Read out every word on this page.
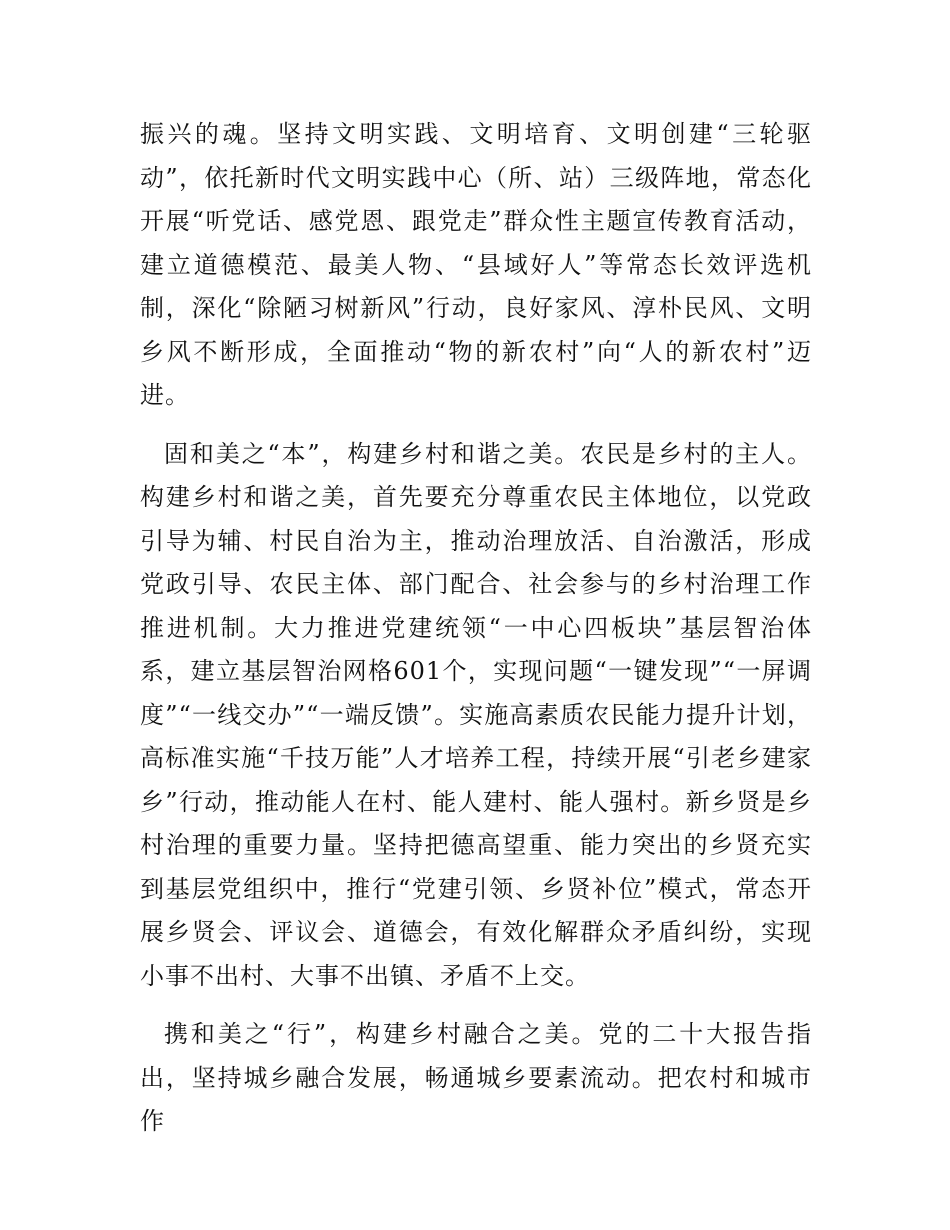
振兴的魂。坚持文明实践、文明培育、文明创建“三轮驱动”，依托新时代文明实践中心（所、站）三级阵地，常态化开展“听党话、感党恩、跟党走”群众性主题宣传教育活动，建立道德模范、最美人物、“县域好人”等常态长效评选机制，深化“除陋习树新风”行动，良好家风、淳朴民风、文明乡风不断形成，全面推动“物的新农村”向“人的新农村”迈进。

固和美之“本”，构建乡村和谐之美。农民是乡村的主人。构建乡村和谐之美，首先要充分尊重农民主体地位，以党政引导为辅、村民自治为主，推动治理放活、自治激活，形成党政引导、农民主体、部门配合、社会参与的乡村治理工作推进机制。大力推进党建统领“一中心四板块”基层智治体系，建立基层智治网格601个，实现问题“一键发现”“一屏调度”“一线交办”“一端反馈”。实施高素质农民能力提升计划，高标准实施“千技万能”人才培养工程，持续开展“引老乡建家乡”行动，推动能人在村、能人建村、能人强村。新乡贤是乡村治理的重要力量。坚持把德高望重、能力突出的乡贤充实到基层党组织中，推行“党建引领、乡贤补位”模式，常态开展乡贤会、评议会、道德会，有效化解群众矛盾纠纷，实现小事不出村、大事不出镇、矛盾不上交。

携和美之“行”，构建乡村融合之美。党的二十大报告指出，坚持城乡融合发展，畅通城乡要素流动。把农村和城市作
